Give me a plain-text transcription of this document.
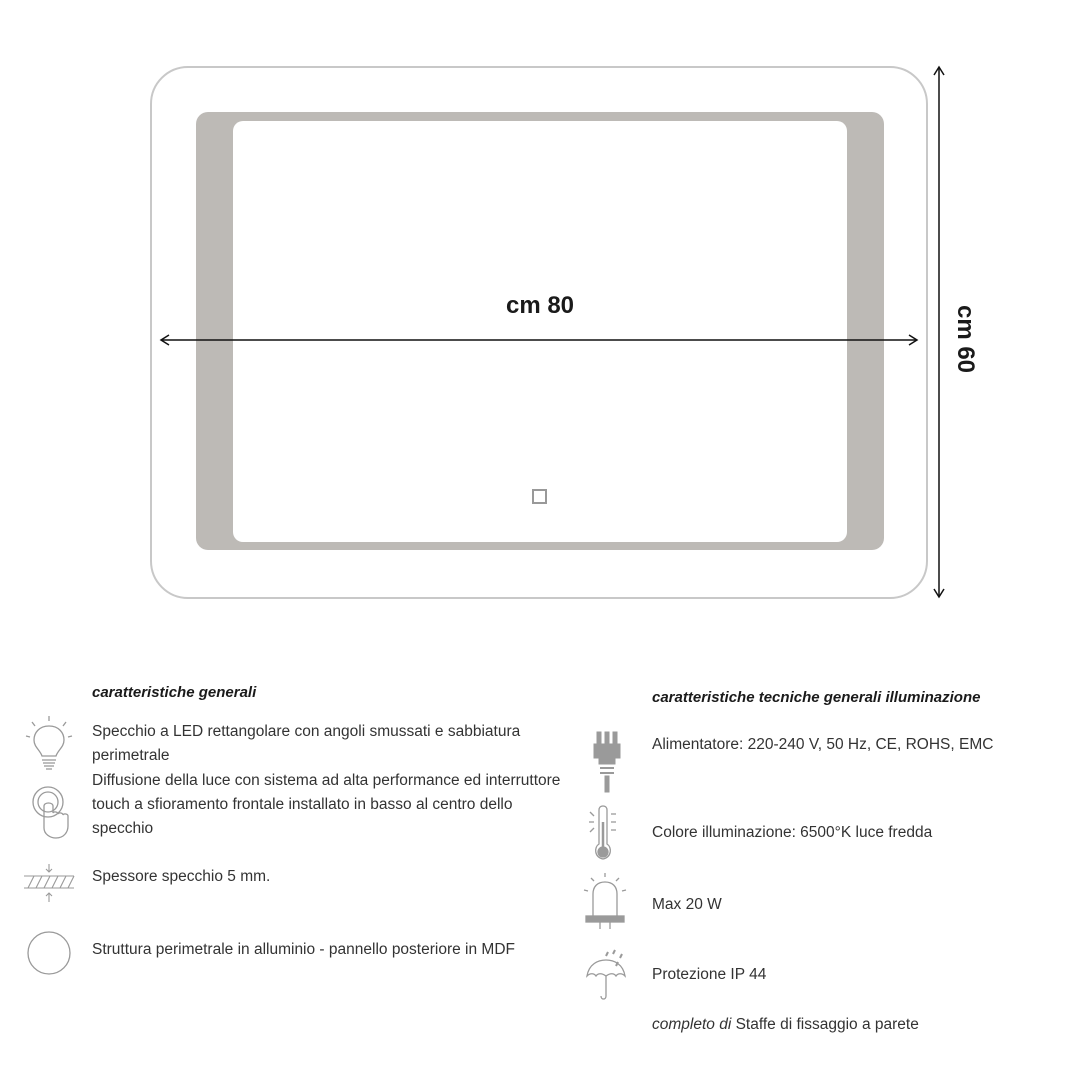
cm 80	cm 60
caratteristiche generali
Specchio a LED rettangolare con angoli smussati e sabbiatura perimetrale
Diffusione della luce con sistema ad alta performance ed interruttore touch a sfioramento frontale installato in basso al centro dello specchio
Spessore specchio 5 mm.
Struttura perimetrale in alluminio - pannello posteriore in MDF
caratteristiche tecniche generali illuminazione
Alimentatore: 220-240 V, 50 Hz, CE, ROHS, EMC
Colore illuminazione: 6500°K luce fredda
Max 20 W
Protezione IP 44
completo di Staffe di fissaggio a parete
